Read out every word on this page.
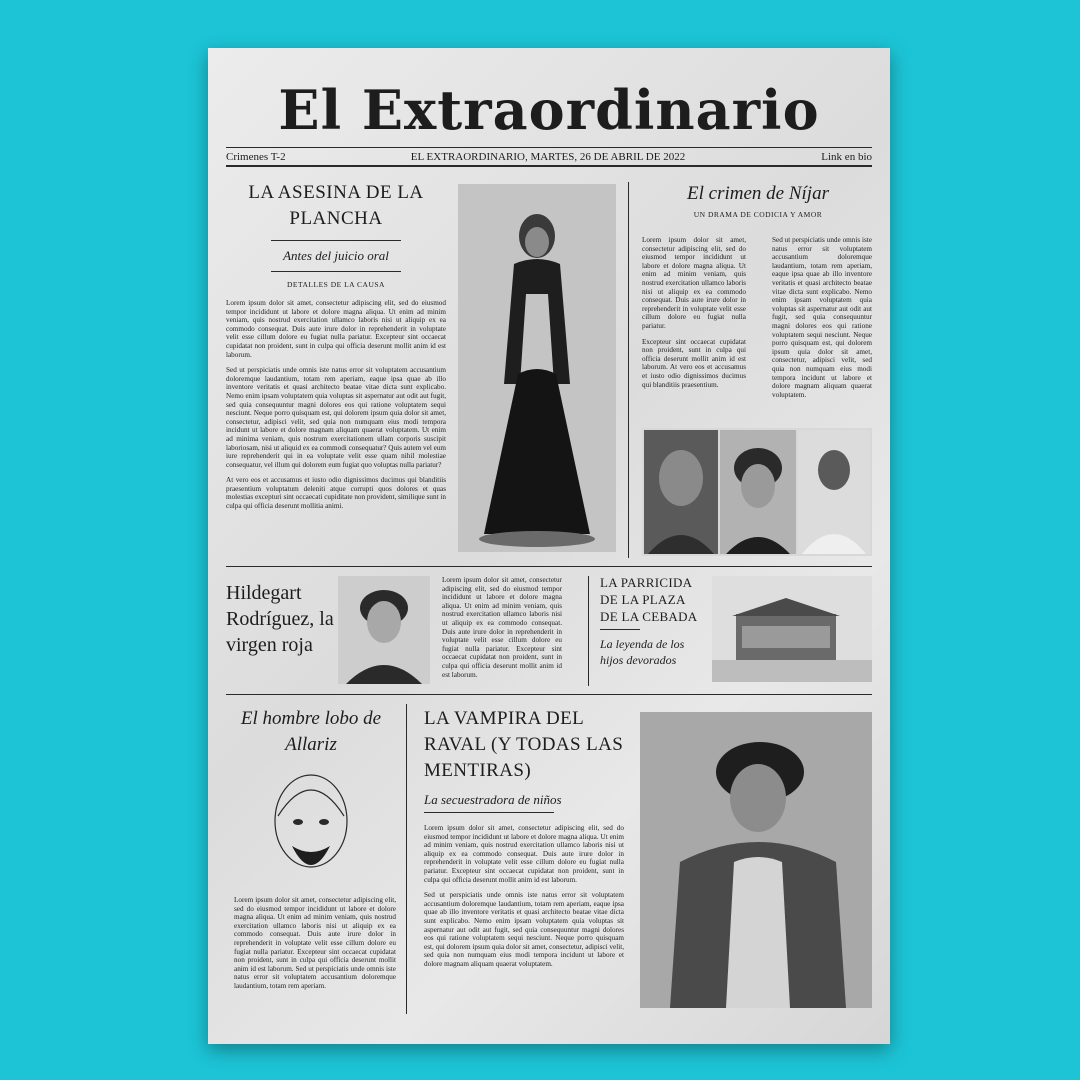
El Extraordinario
Crimenes T-2	EL EXTRAORDINARIO, MARTES, 26 DE ABRIL DE 2022	Link en bio
LA ASESINA DE LA PLANCHA
Antes del juicio oral
DETALLES DE LA CAUSA

Lorem ipsum dolor sit amet, consectetur adipiscing elit, sed do eiusmod tempor incididunt ut labore et dolore magna aliqua. Ut enim ad minim veniam, quis nostrud exercitation ullamco laboris nisi ut aliquip ex ea commodo consequat. Duis aute irure dolor in reprehenderit in voluptate velit esse cillum dolore eu fugiat nulla pariatur. Excepteur sint occaecat cupidatat non proident, sunt in culpa qui officia deserunt mollit anim id est laborum.

Sed ut perspiciatis unde omnis iste natus error sit voluptatem accusantium doloremque laudantium, totam rem aperiam, eaque ipsa quae ab illo inventore veritatis et quasi architecto beatae vitae dicta sunt explicabo. Nemo enim ipsam voluptatem quia voluptas sit aspernatur aut odit aut fugit, sed quia consequuntur magni dolores eos qui ratione voluptatem sequi nesciunt. Neque porro quisquam est, qui dolorem ipsum quia dolor sit amet, consectetur, adipisci velit, sed quia non numquam eius modi tempora incidunt ut labore et dolore magnam aliquam quaerat voluptatem. Ut enim ad minima veniam, quis nostrum exercitationem ullam corporis suscipit laboriosam, nisi ut aliquid ex ea commodi consequatur? Quis autem vel eum iure reprehenderit qui in ea voluptate velit esse quam nihil molestiae consequatur, vel illum qui dolorem eum fugiat quo voluptas nulla pariatur?

At vero eos et accusamus et iusto odio dignissimos ducimus qui blanditiis praesentium voluptatum deleniti atque corrupti quos dolores et quas molestias excepturi sint occaecati cupiditate non provident, similique sunt in culpa qui officia deserunt mollitia animi.

El crimen de Níjar
UN DRAMA DE CODICIA Y AMOR

Lorem ipsum dolor sit amet, consectetur adipiscing elit, sed do eiusmod tempor incididunt ut labore et dolore magna aliqua. Ut enim ad minim veniam, quis nostrud exercitation ullamco laboris nisi ut aliquip ex ea commodo consequat. Duis aute irure dolor in reprehenderit in voluptate velit esse cillum dolore eu fugiat nulla pariatur.

Excepteur sint occaecat cupidatat non proident, sunt in culpa qui officia deserunt mollit anim id est laborum. At vero eos et accusamus et iusto odio dignissimos ducimus qui blanditiis praesentium.

Sed ut perspiciatis unde omnis iste natus error sit voluptatem accusantium doloremque laudantium, totam rem aperiam, eaque ipsa quae ab illo inventore veritatis et quasi architecto beatae vitae dicta sunt explicabo. Nemo enim ipsam voluptatem quia voluptas sit aspernatur aut odit aut fugit, sed quia consequuntur magni dolores eos qui ratione voluptatem sequi nesciunt. Neque porro quisquam est, qui dolorem ipsum quia dolor sit amet, consectetur, adipisci velit, sed quia non numquam eius modi tempora incidunt ut labore et dolore magnam aliquam quaerat voluptatem.

Hildegart Rodríguez, la virgen roja
Lorem ipsum dolor sit amet, consectetur adipiscing elit, sed do eiusmod tempor incididunt ut labore et dolore magna aliqua. Ut enim ad minim veniam, quis nostrud exercitation ullamco laboris nisi ut aliquip ex ea commodo consequat. Duis aute irure dolor in reprehenderit in voluptate velit esse cillum dolore eu fugiat nulla pariatur. Excepteur sint occaecat cupidatat non proident, sunt in culpa qui officia deserunt mollit anim id est laborum.
LA PARRICIDA DE LA PLAZA DE LA CEBADA
La leyenda de los hijos devorados
El hombre lobo de Allariz
Lorem ipsum dolor sit amet, consectetur adipiscing elit, sed do eiusmod tempor incididunt ut labore et dolore magna aliqua. Ut enim ad minim veniam, quis nostrud exercitation ullamco laboris nisi ut aliquip ex ea commodo consequat. Duis aute irure dolor in reprehenderit in voluptate velit esse cillum dolore eu fugiat nulla pariatur. Excepteur sint occaecat cupidatat non proident, sunt in culpa qui officia deserunt mollit anim id est laborum. Sed ut perspiciatis unde omnis iste natus error sit voluptatem accusantium doloremque laudantium, totam rem aperiam.
LA VAMPIRA DEL RAVAL (Y TODAS LAS MENTIRAS)
La secuestradora de niños

Lorem ipsum dolor sit amet, consectetur adipiscing elit, sed do eiusmod tempor incididunt ut labore et dolore magna aliqua. Ut enim ad minim veniam, quis nostrud exercitation ullamco laboris nisi ut aliquip ex ea commodo consequat. Duis aute irure dolor in reprehenderit in voluptate velit esse cillum dolore eu fugiat nulla pariatur. Excepteur sint occaecat cupidatat non proident, sunt in culpa qui officia deserunt mollit anim id est laborum.

Sed ut perspiciatis unde omnis iste natus error sit voluptatem accusantium doloremque laudantium, totam rem aperiam, eaque ipsa quae ab illo inventore veritatis et quasi architecto beatae vitae dicta sunt explicabo. Nemo enim ipsam voluptatem quia voluptas sit aspernatur aut odit aut fugit, sed quia consequuntur magni dolores eos qui ratione voluptatem sequi nesciunt. Neque porro quisquam est, qui dolorem ipsum quia dolor sit amet, consectetur, adipisci velit, sed quia non numquam eius modi tempora incidunt ut labore et dolore magnam aliquam quaerat voluptatem.
